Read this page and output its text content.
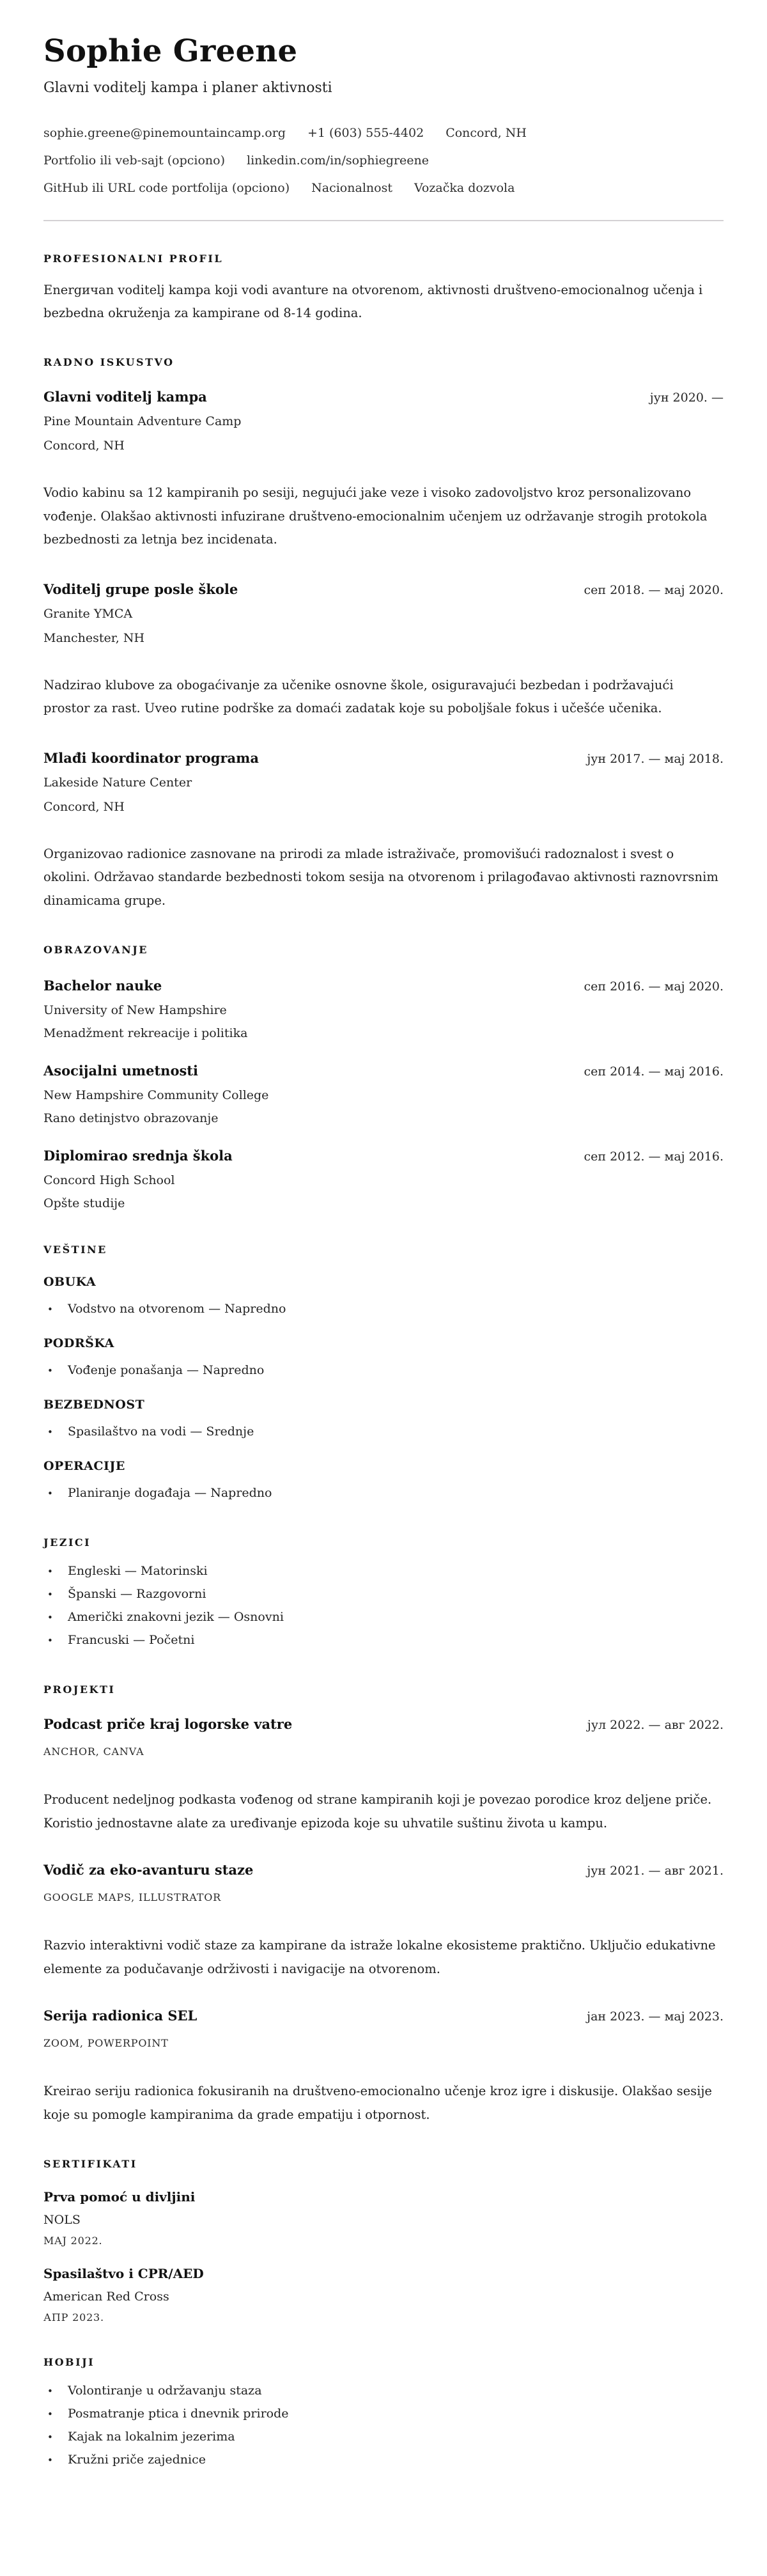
Sophie Greene
Glavni voditelj kampa i planer aktivnosti
sophie.greene@pinemountaincamp.org +1 (603) 555-4402 Concord, NH
Portfolio ili veb-sajt (opciono) linkedin.com/in/sophiegreene
GitHub ili URL code portfolija (opciono) Nacionalnost Vozačka dozvola
PROFESIONALNI PROFIL
Energичan voditelj kampa koji vodi avanture na otvorenom, aktivnosti društveno-emocionalnog učenja i bezbedna okruženja za kampirane od 8-14 godina.
RADNO ISKUSTVO
Glavni voditelj kampa	јун 2020. —
Pine Mountain Adventure Camp
Concord, NH
Vodio kabinu sa 12 kampiranih po sesiji, negujući jake veze i visoko zadovoljstvo kroz personalizovano vođenje. Olakšao aktivnosti infuzirane društveno-emocionalnim učenjem uz održavanje strogih protokola bezbednosti za letnja bez incidenata.
Voditelj grupe posle škole	сеп 2018. — мај 2020.
Granite YMCA
Manchester, NH
Nadzirao klubove za obogaćivanje za učenike osnovne škole, osiguravajući bezbedan i podržavajući prostor za rast. Uveo rutine podrške za domaći zadatak koje su poboljšale fokus i učešće učenika.
Mlađi koordinator programa	јун 2017. — мај 2018.
Lakeside Nature Center
Concord, NH
Organizovao radionice zasnovane na prirodi za mlade istraživače, promovišući radoznalost i svest o okolini. Održavao standarde bezbednosti tokom sesija na otvorenom i prilagođavao aktivnosti raznovrsnim dinamicama grupe.
OBRAZOVANJE
Bachelor nauke	сеп 2016. — мај 2020.
University of New Hampshire
Menadžment rekreacije i politika
Asocijalni umetnosti	сеп 2014. — мај 2016.
New Hampshire Community College
Rano detinjstvo obrazovanje
Diplomirao srednja škola	сеп 2012. — мај 2016.
Concord High School
Opšte studije
VEŠTINE
OBUKA
• Vodstvo na otvorenom — Napredno
PODRŠKA
• Vođenje ponašanja — Napredno
BEZBEDNOST
• Spasilaštvo na vodi — Srednje
OPERACIJE
• Planiranje događaja — Napredno
JEZICI
• Engleski — Matorinski
• Španski — Razgovorni
• Američki znakovni jezik — Osnovni
• Francuski — Početni
PROJEKTI
Podcast priče kraj logorske vatre	јул 2022. — авг 2022.
ANCHOR, CANVA
Producent nedeljnog podkasta vođenog od strane kampiranih koji je povezao porodice kroz deljene priče. Koristio jednostavne alate za uređivanje epizoda koje su uhvatile suštinu života u kampu.
Vodič za eko-avanturu staze	јун 2021. — авг 2021.
GOOGLE MAPS, ILLUSTRATOR
Razvio interaktivni vodič staze za kampirane da istraže lokalne ekosisteme praktično. Uključio edukativne elemente za podučavanje održivosti i navigacije na otvorenom.
Serija radionica SEL	јан 2023. — мај 2023.
ZOOM, POWERPOINT
Kreirao seriju radionica fokusiranih na društveno-emocionalno učenje kroz igre i diskusije. Olakšao sesije koje su pomogle kampiranima da grade empatiju i otpornost.
SERTIFIKATI
Prva pomoć u divljini
NOLS
MAJ 2022.
Spasilaštvo i CPR/AED
American Red Cross
АПР 2023.
HOBIJI
• Volontiranje u održavanju staza
• Posmatranje ptica i dnevnik prirode
• Kajak na lokalnim jezerima
• Kružni priče zajednice
